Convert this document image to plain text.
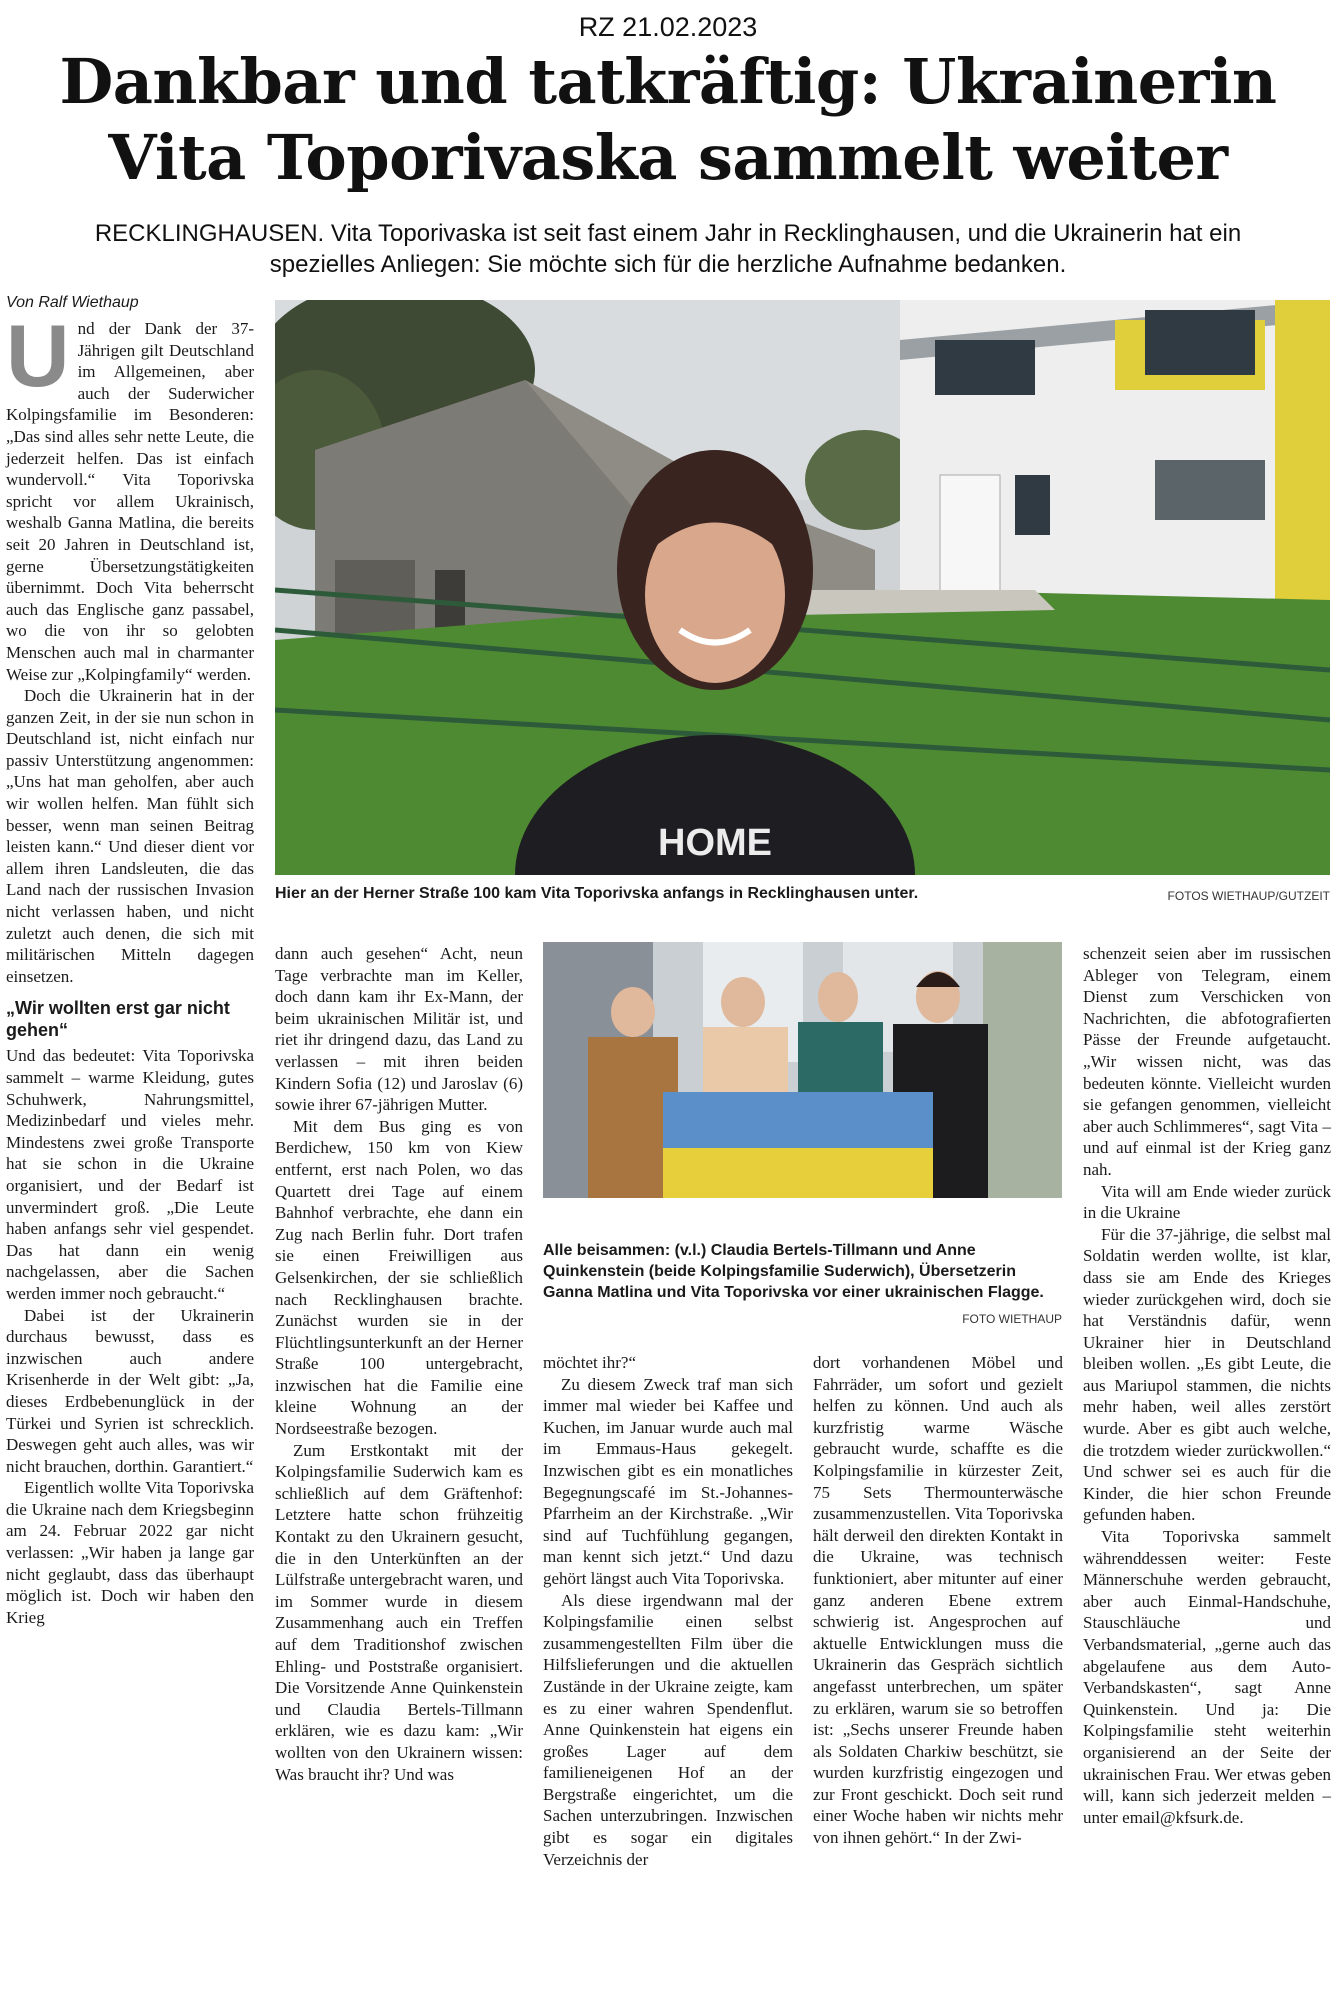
RZ 21.02.2023
Dankbar und tatkräftig: Ukrainerin
Vita Toporivaska sammelt weiter
RECKLINGHAUSEN. Vita Toporivaska ist seit fast einem Jahr in Recklinghausen, und die Ukrainerin hat ein spezielles Anliegen: Sie möchte sich für die herzliche Aufnahme bedanken.
Von Ralf Wiethaup
HOME
Hier an der Herner Straße 100 kam Vita Toporivska anfangs in Recklinghausen unter.	FOTOS WIETHAUP/GUTZEIT
Alle beisammen: (v.l.) Claudia Bertels-Tillmann und Anne Quinkenstein (beide Kolpingsfamilie Suderwich), Übersetzerin Ganna Matlina und Vita Toporivska vor einer ukrainischen Flagge.
FOTO WIETHAUP

Und der Dank der 37-Jährigen gilt Deutschland im Allgemeinen, aber auch der Suderwicher Kolpingsfamilie im Besonderen: „Das sind alles sehr nette Leute, die jederzeit helfen. Das ist einfach wundervoll.“ Vita Toporivska spricht vor allem Ukrainisch, weshalb Ganna Matlina, die bereits seit 20 Jahren in Deutschland ist, gerne Übersetzungstätigkeiten übernimmt. Doch Vita beherrscht auch das Englische ganz passabel, wo die von ihr so gelobten Menschen auch mal in charmanter Weise zur „Kolpingfamily“ werden.

Doch die Ukrainerin hat in der ganzen Zeit, in der sie nun schon in Deutschland ist, nicht einfach nur passiv Unterstützung angenommen: „Uns hat man geholfen, aber auch wir wollen helfen. Man fühlt sich besser, wenn man seinen Beitrag leisten kann.“ Und dieser dient vor allem ihren Landsleuten, die das Land nach der russischen Invasion nicht verlassen haben, und nicht zuletzt auch denen, die sich mit militärischen Mitteln dagegen einsetzen.

„Wir wollten erst gar nicht gehen“

Und das bedeutet: Vita Toporivska sammelt – warme Kleidung, gutes Schuhwerk, Nahrungsmittel, Medizinbedarf und vieles mehr. Mindestens zwei große Transporte hat sie schon in die Ukraine organisiert, und der Bedarf ist unvermindert groß. „Die Leute haben anfangs sehr viel gespendet. Das hat dann ein wenig nachgelassen, aber die Sachen werden immer noch gebraucht.“

Dabei ist der Ukrainerin durchaus bewusst, dass es inzwischen auch andere Krisenherde in der Welt gibt: „Ja, dieses Erdbebenunglück in der Türkei und Syrien ist schrecklich. Deswegen geht auch alles, was wir nicht brauchen, dorthin. Garantiert.“

Eigentlich wollte Vita Toporivska die Ukraine nach dem Kriegsbeginn am 24. Februar 2022 gar nicht verlassen: „Wir haben ja lange gar nicht geglaubt, dass das überhaupt möglich ist. Doch wir haben den Krieg

dann auch gesehen“ Acht, neun Tage verbrachte man im Keller, doch dann kam ihr Ex-Mann, der beim ukrainischen Militär ist, und riet ihr dringend dazu, das Land zu verlassen – mit ihren beiden Kindern Sofia (12) und Jaroslav (6) sowie ihrer 67-jährigen Mutter.

Mit dem Bus ging es von Berdichew, 150 km von Kiew entfernt, erst nach Polen, wo das Quartett drei Tage auf einem Bahnhof verbrachte, ehe dann ein Zug nach Berlin fuhr. Dort trafen sie einen Freiwilligen aus Gelsenkirchen, der sie schließlich nach Recklinghausen brachte. Zunächst wurden sie in der Flüchtlingsunterkunft an der Herner Straße 100 untergebracht, inzwischen hat die Familie eine kleine Wohnung an der Nordseestraße bezogen.

Zum Erstkontakt mit der Kolpingsfamilie Suderwich kam es schließlich auf dem Gräftenhof: Letztere hatte schon frühzeitig Kontakt zu den Ukrainern gesucht, die in den Unterkünften an der Lülfstraße untergebracht waren, und im Sommer wurde in diesem Zusammenhang auch ein Treffen auf dem Traditionshof zwischen Ehling- und Poststraße organisiert. Die Vorsitzende Anne Quinkenstein und Claudia Bertels-Tillmann erklären, wie es dazu kam: „Wir wollten von den Ukrainern wissen: Was braucht ihr? Und was

möchtet ihr?“

Zu diesem Zweck traf man sich immer mal wieder bei Kaffee und Kuchen, im Januar wurde auch mal im Emmaus-Haus gekegelt. Inzwischen gibt es ein monatliches Begegnungscafé im St.-Johannes-Pfarrheim an der Kirchstraße. „Wir sind auf Tuchfühlung gegangen, man kennt sich jetzt.“ Und dazu gehört längst auch Vita Toporivska.

Als diese irgendwann mal der Kolpingsfamilie einen selbst zusammengestellten Film über die Hilfslieferungen und die aktuellen Zustände in der Ukraine zeigte, kam es zu einer wahren Spendenflut. Anne Quinkenstein hat eigens ein großes Lager auf dem familieneigenen Hof an der Bergstraße eingerichtet, um die Sachen unterzubringen. Inzwischen gibt es sogar ein digitales Verzeichnis der

dort vorhandenen Möbel und Fahrräder, um sofort und gezielt helfen zu können. Und auch als kurzfristig warme Wäsche gebraucht wurde, schaffte es die Kolpingsfamilie in kürzester Zeit, 75 Sets Thermounterwäsche zusammenzustellen. Vita Toporivska hält derweil den direkten Kontakt in die Ukraine, was technisch funktioniert, aber mitunter auf einer ganz anderen Ebene extrem schwierig ist. Angesprochen auf aktuelle Entwicklungen muss die Ukrainerin das Gespräch sichtlich angefasst unterbrechen, um später zu erklären, warum sie so betroffen ist: „Sechs unserer Freunde haben als Soldaten Charkiw beschützt, sie wurden kurzfristig eingezogen und zur Front geschickt. Doch seit rund einer Woche haben wir nichts mehr von ihnen gehört.“ In der Zwi-

schenzeit seien aber im russischen Ableger von Telegram, einem Dienst zum Verschicken von Nachrichten, die abfotografierten Pässe der Freunde aufgetaucht. „Wir wissen nicht, was das bedeuten könnte. Vielleicht wurden sie gefangen genommen, vielleicht aber auch Schlimmeres“, sagt Vita – und auf einmal ist der Krieg ganz nah.

Vita will am Ende wieder zurück in die Ukraine

Für die 37-jährige, die selbst mal Soldatin werden wollte, ist klar, dass sie am Ende des Krieges wieder zurückgehen wird, doch sie hat Verständnis dafür, wenn Ukrainer hier in Deutschland bleiben wollen. „Es gibt Leute, die aus Mariupol stammen, die nichts mehr haben, weil alles zerstört wurde. Aber es gibt auch welche, die trotzdem wieder zurückwollen.“ Und schwer sei es auch für die Kinder, die hier schon Freunde gefunden haben.

Vita Toporivska sammelt währenddessen weiter: Feste Männerschuhe werden gebraucht, aber auch Einmal-Handschuhe, Stauschläuche und Verbandsmaterial, „gerne auch das abgelaufene aus dem Auto-Verbandskasten“, sagt Anne Quinkenstein. Und ja: Die Kolpingsfamilie steht weiterhin organisierend an der Seite der ukrainischen Frau. Wer etwas geben will, kann sich jederzeit melden – unter email@kfsurk.de.
